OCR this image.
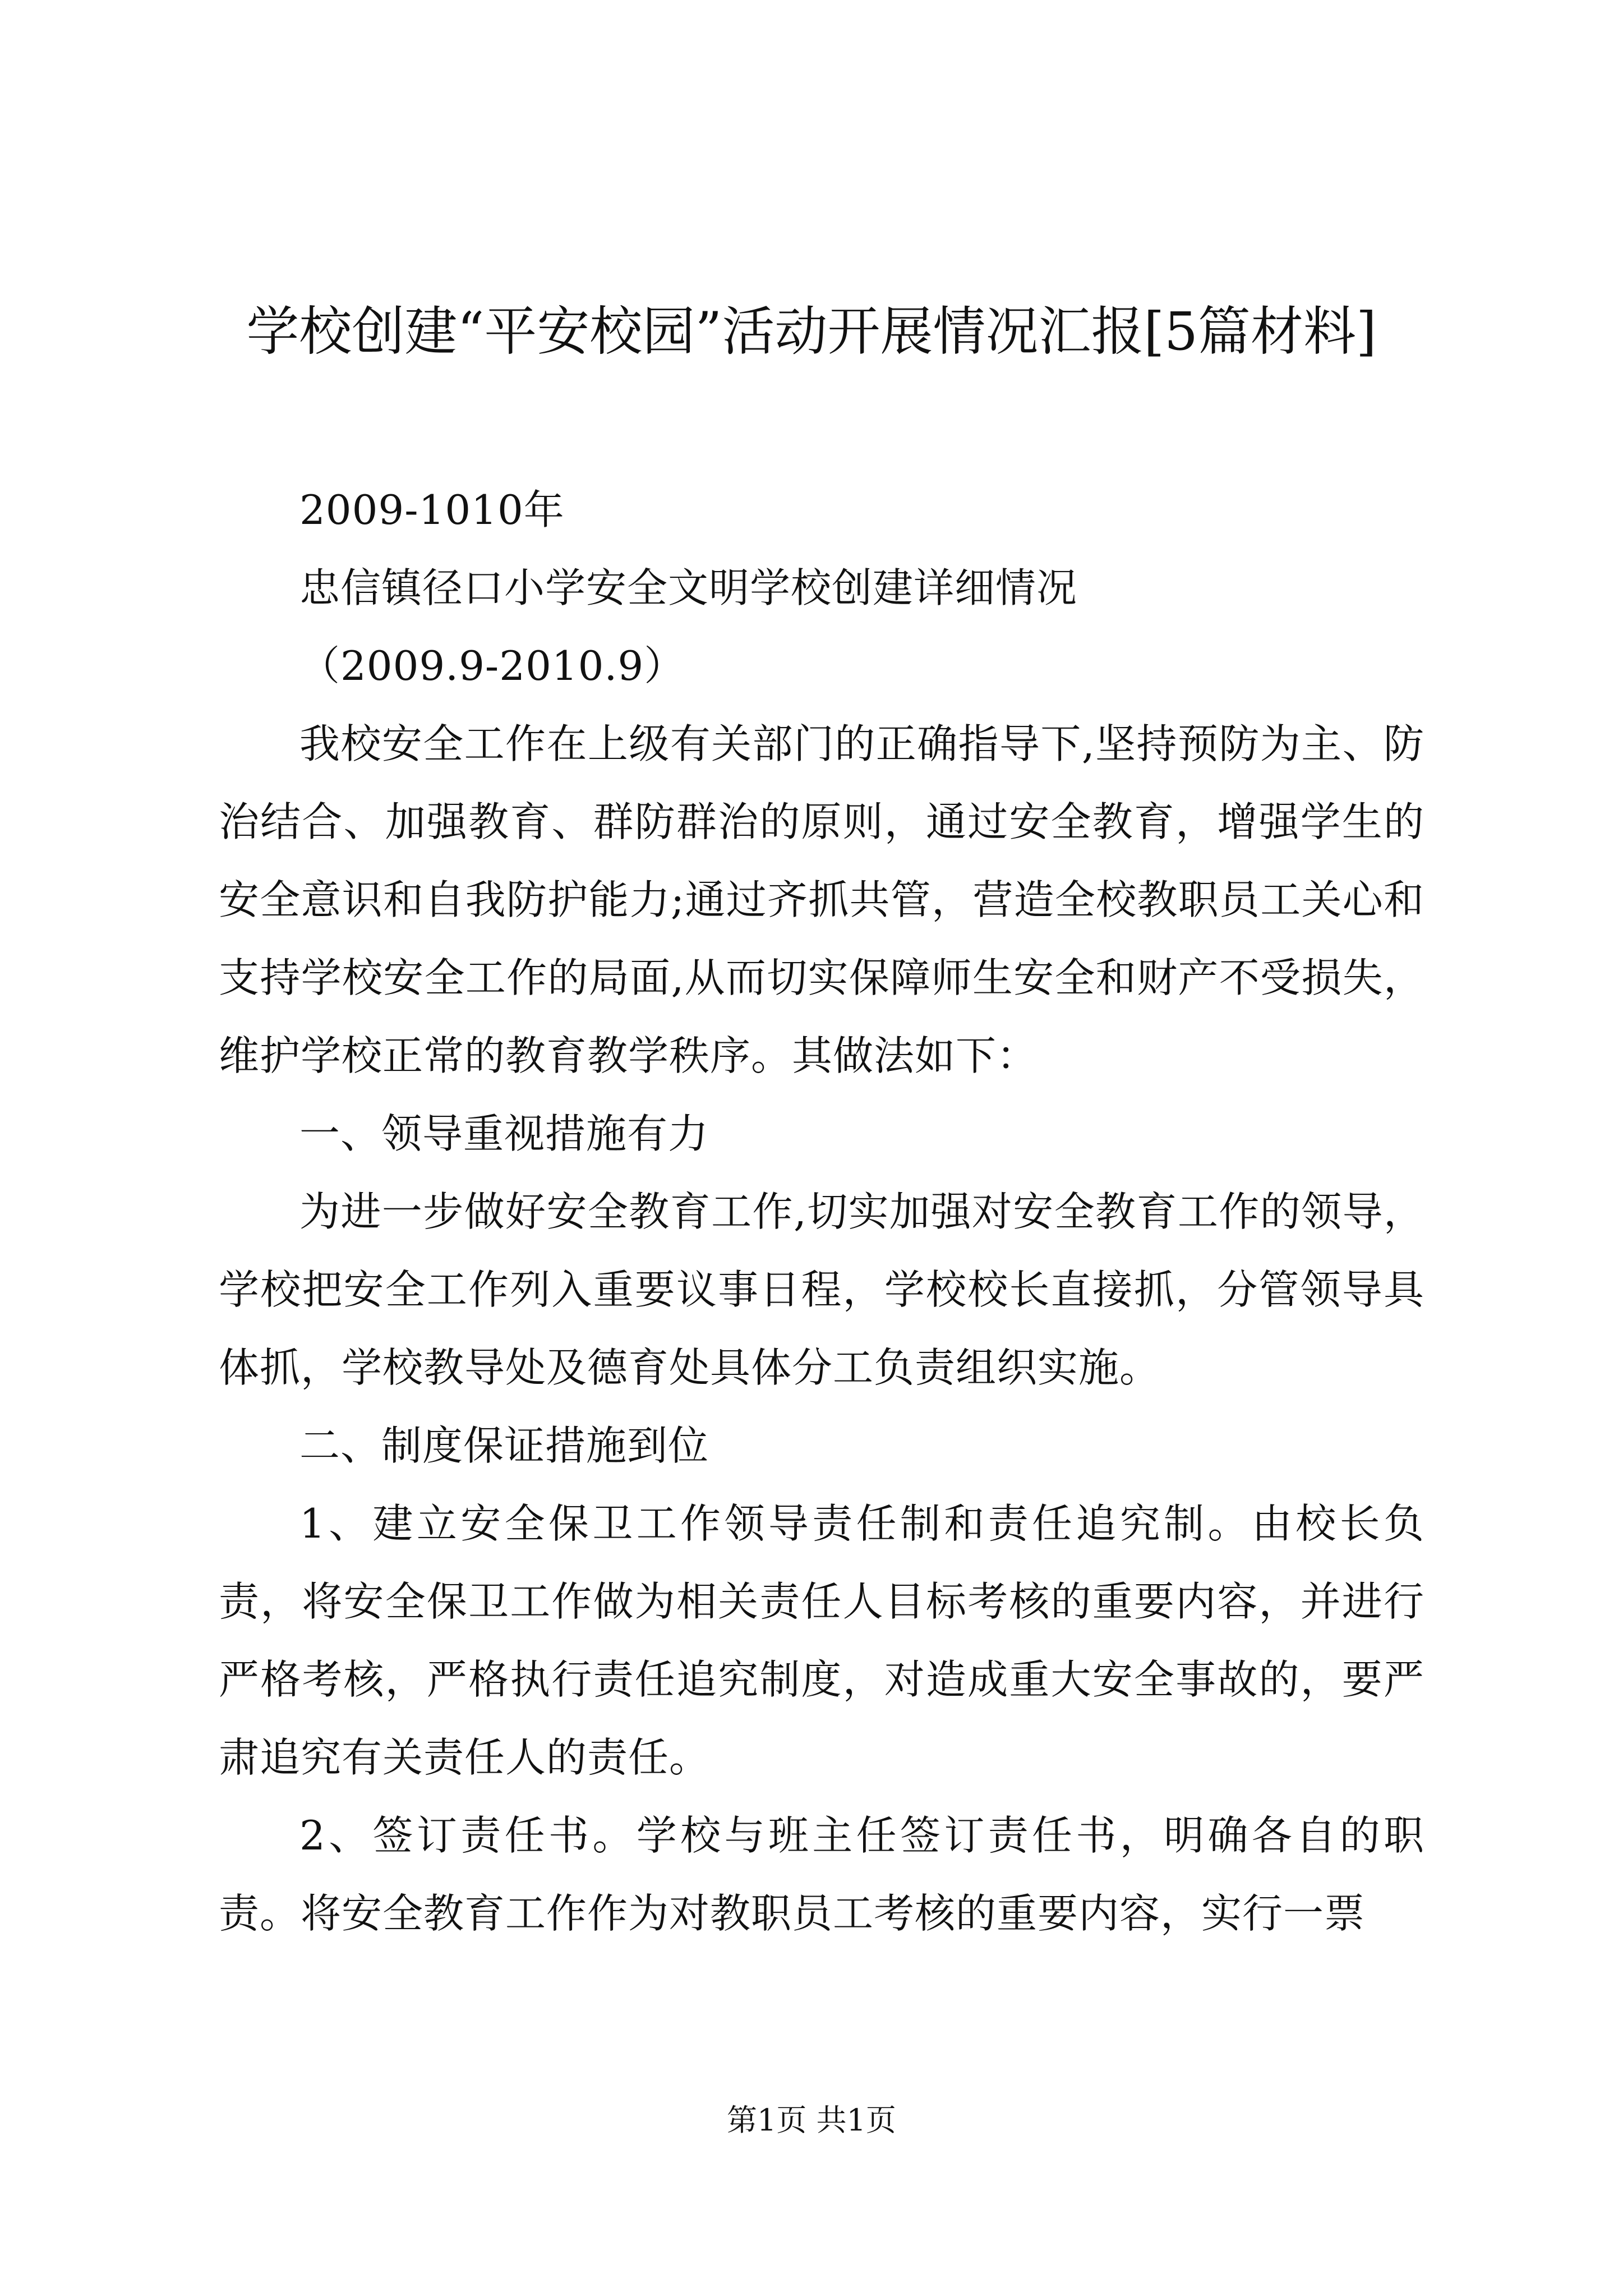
学校创建“平安校园”活动开展情况汇报[5篇材料]

2009-1010年

忠信镇径口小学安全文明学校创建详细情况

（2009.9-2010.9）

我校安全工作在上级有关部门的正确指导下,坚持预防为主、防治结合、加强教育、群防群治的原则，通过安全教育，增强学生的安全意识和自我防护能力;通过齐抓共管，营造全校教职员工关心和支持学校安全工作的局面,从而切实保障师生安全和财产不受损失，维护学校正常的教育教学秩序。其做法如下：

一、领导重视措施有力

为进一步做好安全教育工作,切实加强对安全教育工作的领导，学校把安全工作列入重要议事日程，学校校长直接抓，分管领导具体抓，学校教导处及德育处具体分工负责组织实施。

二、制度保证措施到位

1、建立安全保卫工作领导责任制和责任追究制。由校长负责，将安全保卫工作做为相关责任人目标考核的重要内容，并进行严格考核，严格执行责任追究制度，对造成重大安全事故的，要严肃追究有关责任人的责任。

2、签订责任书。学校与班主任签订责任书，明确各自的职责。将安全教育工作作为对教职员工考核的重要内容，实行一票

第1页 共1页
